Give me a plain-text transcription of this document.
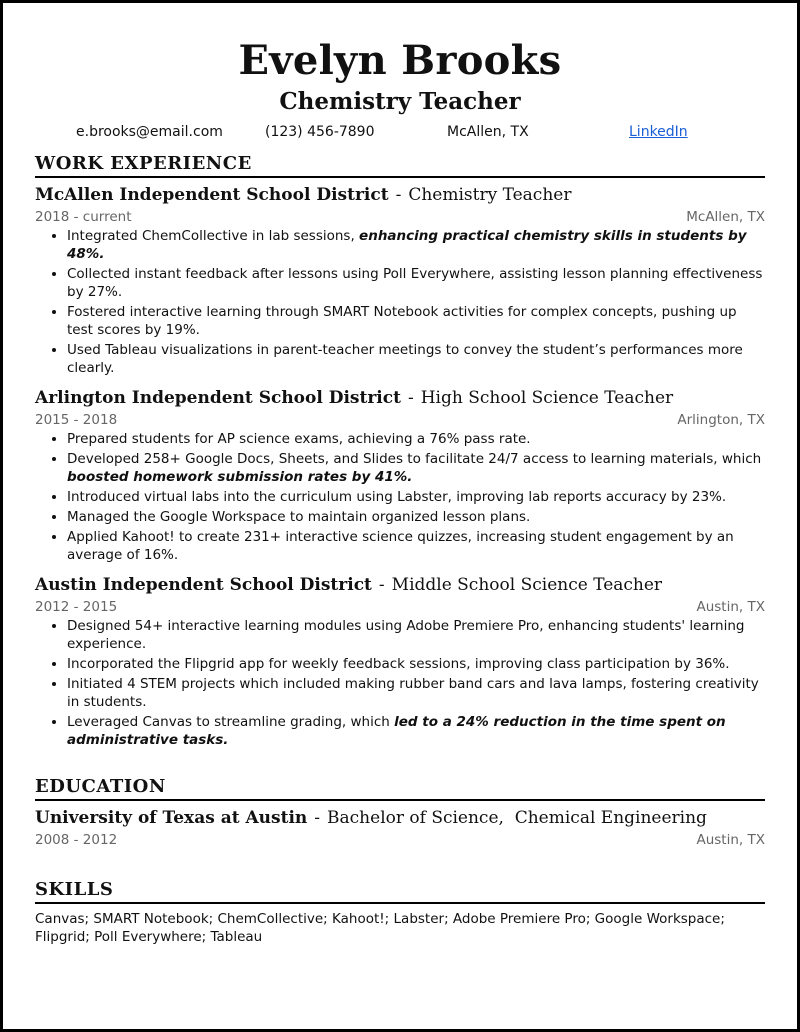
Evelyn Brooks
Chemistry Teacher
e.brooks@email.com	(123) 456-7890	McAllen, TX	LinkedIn
WORK EXPERIENCE
McAllen Independent School District - Chemistry Teacher
2018 - current	McAllen, TX
• Integrated ChemCollective in lab sessions, enhancing practical chemistry skills in students by 48%.
• Collected instant feedback after lessons using Poll Everywhere, assisting lesson planning effectiveness by 27%.
• Fostered interactive learning through SMART Notebook activities for complex concepts, pushing up test scores by 19%.
• Used Tableau visualizations in parent-teacher meetings to convey the student’s performances more clearly.
Arlington Independent School District - High School Science Teacher
2015 - 2018	Arlington, TX
• Prepared students for AP science exams, achieving a 76% pass rate.
• Developed 258+ Google Docs, Sheets, and Slides to facilitate 24/7 access to learning materials, which boosted homework submission rates by 41%.
• Introduced virtual labs into the curriculum using Labster, improving lab reports accuracy by 23%.
• Managed the Google Workspace to maintain organized lesson plans.
• Applied Kahoot! to create 231+ interactive science quizzes, increasing student engagement by an average of 16%.
Austin Independent School District - Middle School Science Teacher
2012 - 2015	Austin, TX
• Designed 54+ interactive learning modules using Adobe Premiere Pro, enhancing students' learning experience.
• Incorporated the Flipgrid app for weekly feedback sessions, improving class participation by 36%.
• Initiated 4 STEM projects which included making rubber band cars and lava lamps, fostering creativity in students.
• Leveraged Canvas to streamline grading, which led to a 24% reduction in the time spent on administrative tasks.
EDUCATION
University of Texas at Austin - Bachelor of Science,  Chemical Engineering
2008 - 2012	Austin, TX
SKILLS
Canvas; SMART Notebook; ChemCollective; Kahoot!; Labster; Adobe Premiere Pro; Google Workspace; Flipgrid; Poll Everywhere; Tableau
